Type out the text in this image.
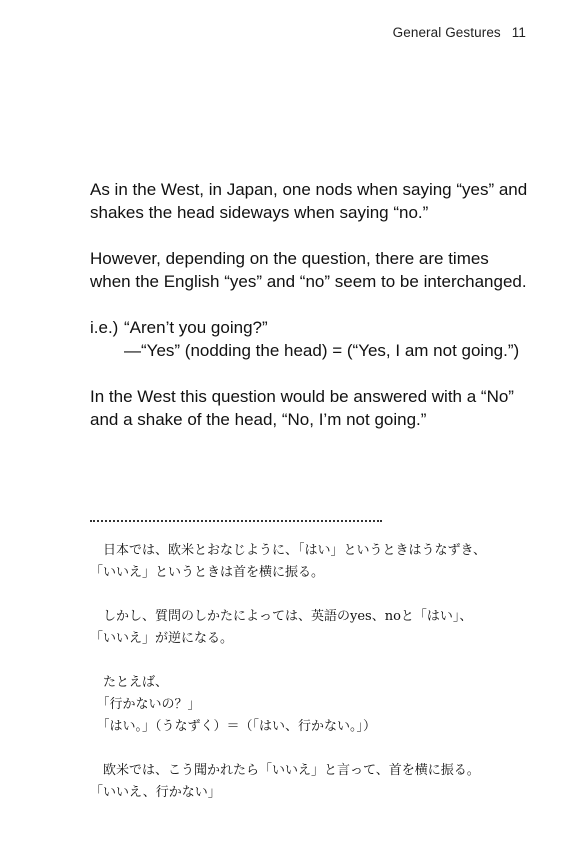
General Gestures 11

As in the West, in Japan, one nods when saying “yes” and shakes the head sideways when saying “no.”

However, depending on the question, there are times when the English “yes” and “no” seem to be interchanged.

i.e.) “Aren’t you going?”
—“Yes” (nodding the head) = (“Yes, I am not going.”)

In the West this question would be answered with a “No” and a shake of the head, “No, I’m not going.”

　日本では、欧米とおなじように、「はい」というときはうなずき、
「いいえ」というときは首を横に振る。

　しかし、質問のしかたによっては、英語のyes、noと「はい」、
「いいえ」が逆になる。

　たとえば、
　「行かないの？」
　「はい。」（うなずく）＝（「はい、行かない。」）

　欧米では、こう聞かれたら「いいえ」と言って、首を横に振る。
「いいえ、行かない」
